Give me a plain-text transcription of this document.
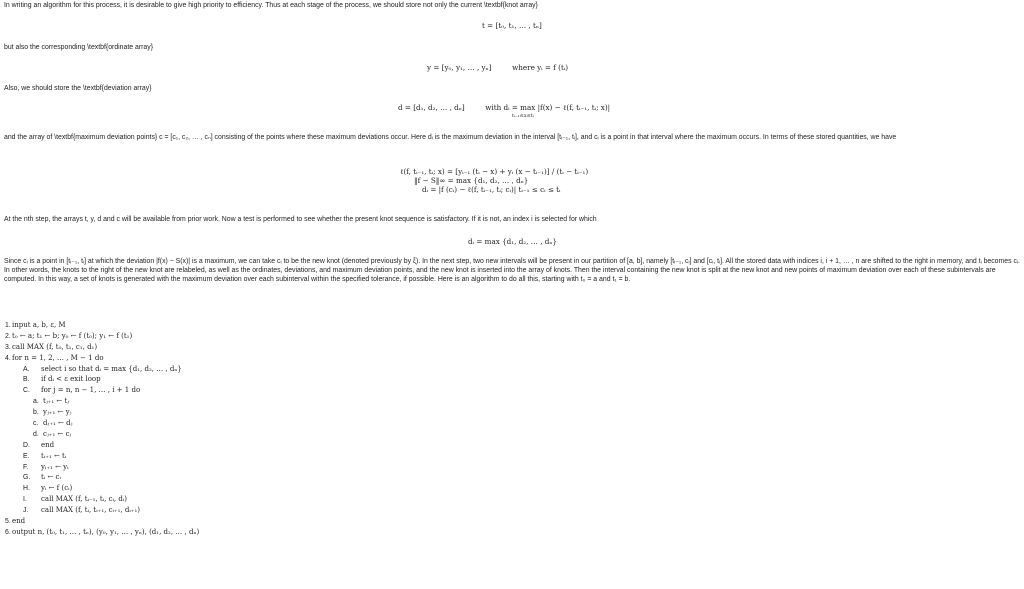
In writing an algorithm for this process, it is desirable to give high priority to efficiency. Thus at each stage of the process, we should store not only the current \textbf{knot array}

t = [t₀, t₁, … , tₙ]

but also the corresponding \textbf{ordinate array}

y = [y₀, y₁, … , yₙ]	where yᵢ = f (tᵢ)

Also, we should store the \textbf{deviation array}

d = [d₁, d₂, … , dₙ]	with dᵢ = max |f(x) − ℓ(f, tᵢ₋₁, tᵢ; x)|
tᵢ₋₁≤x≤tᵢ

and the array of \textbf{maximum deviation points} c = [c₁, c₂, … , cₙ] consisting of the points where these maximum deviations occur. Here dᵢ is the maximum deviation in the interval [tᵢ₋₁, tᵢ], and cᵢ is a point in that interval where the maximum occurs. In terms of these stored quantities, we have

ℓ(f, tᵢ₋₁, tᵢ; x) = [yᵢ₋₁ (tᵢ − x) + yᵢ (x − tᵢ₋₁)] / (tᵢ − tᵢ₋₁)
‖f − S‖∞ = max {d₁, d₂, … , dₙ}
dᵢ = |f (cᵢ) − ℓ(f, tᵢ₋₁, tᵢ; cᵢ)| tᵢ₋₁ ≤ cᵢ ≤ tᵢ

At the nth step, the arrays t, y, d and c will be available from prior work. Now a test is performed to see whether the present knot sequence is satisfactory. If it is not, an index i is selected for which

dᵢ = max {d₁, d₂, … , dₙ}

Since cᵢ is a point in [tᵢ₋₁, tᵢ] at which the deviation |f(x) − S(x)| is a maximum, we can take cᵢ to be the new knot (denoted previously by ξ). In the next step, two new intervals will be present in our partition of [a, b], namely [tᵢ₋₁, cᵢ] and [cᵢ, tᵢ]. All the stored data with indices i, i + 1, … , n are shifted to the right in memory, and tᵢ becomes cᵢ. In other words, the knots to the right of the new knot are relabeled, as well as the ordinates, deviations, and maximum deviation points, and the new knot is inserted into the array of knots. Then the interval containing the new knot is split at the new knot and new points of maximum deviation over each of these subintervals are computed. In this way, a set of knots is generated with the maximum deviation over each subinterval within the specified tolerance, if possible. Here is an algorithm to do all this, starting with t₀ = a and t₁ = b.

1.input a, b, ε, M
2.t₀ ← a; t₁ ← b; y₀ ← f (t₀); y₁ ← f (t₁)
3.call MAX (f, t₀, t₁, c₁, d₁)
4.for n = 1, 2, … , M − 1 do
A. select i so that dᵢ = max {d₁, d₂, … , dₙ}
B. if dᵢ < ε exit loop
C. for j = n, n − 1, … , i + 1 do
a. tⱼ₊₁ ← tⱼ
b. yⱼ₊₁ ← yⱼ
c. dⱼ₊₁ ← dⱼ
d. cⱼ₊₁ ← cⱼ
D. end
E. tᵢ₊₁ ← tᵢ
F. yᵢ₊₁ ← yᵢ
G. tᵢ ← cᵢ
H. yᵢ ← f (cᵢ)
I. call MAX (f, tᵢ₋₁, tᵢ, cᵢ, dᵢ)
J. call MAX (f, tᵢ, tᵢ₊₁, cᵢ₊₁, dᵢ₊₁)
5.end
6.output n, (t₀, t₁, … , tₙ), (y₀, y₁, … , yₙ), (d₁, d₂, … , dₙ)
